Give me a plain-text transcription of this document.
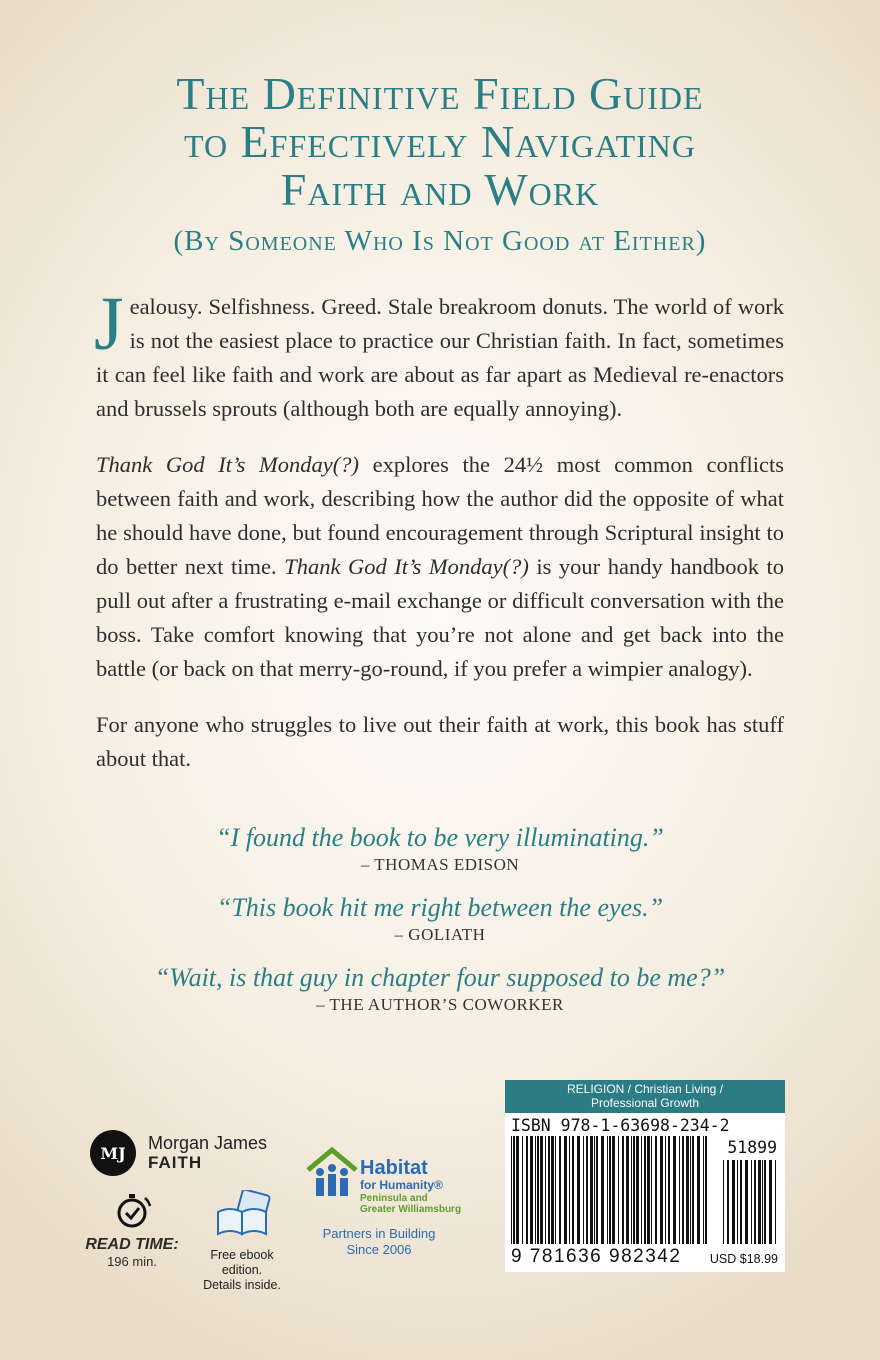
The Definitive Field Guide
to Effectively Navigating
Faith and Work
(By Someone Who Is Not Good at Either)

Jealousy. Selfishness. Greed. Stale breakroom donuts. The world of work is not the easiest place to practice our Christian faith. In fact, sometimes it can feel like faith and work are about as far apart as Medieval re-enactors and brussels sprouts (although both are equally annoying).

Thank God It’s Monday(?) explores the 24½ most common conflicts between faith and work, describing how the author did the opposite of what he should have done, but found encouragement through Scriptural insight to do better next time. Thank God It’s Monday(?) is your handy handbook to pull out after a frustrating e-mail exchange or difficult conversation with the boss. Take comfort knowing that you’re not alone and get back into the battle (or back on that merry-go-round, if you prefer a wimpier analogy).

For anyone who struggles to live out their faith at work, this book has stuff about that.

“I found the book to be very illuminating.”
– THOMAS EDISON
“This book hit me right between the eyes.”
– GOLIATH
“Wait, is that guy in chapter four supposed to be me?”
– THE AUTHOR’S COWORKER
MJ	Morgan James
FAITH
READ TIME:
196 min.	Free ebook edition.
Details inside.
Habitat
for Humanity®
Peninsula and
Greater Williamsburg
Partners in Building
Since 2006
RELIGION / Christian Living /
Professional Growth
ISBN 978-1-63698-234-2
51899
9 781636 982342 USD $18.99
